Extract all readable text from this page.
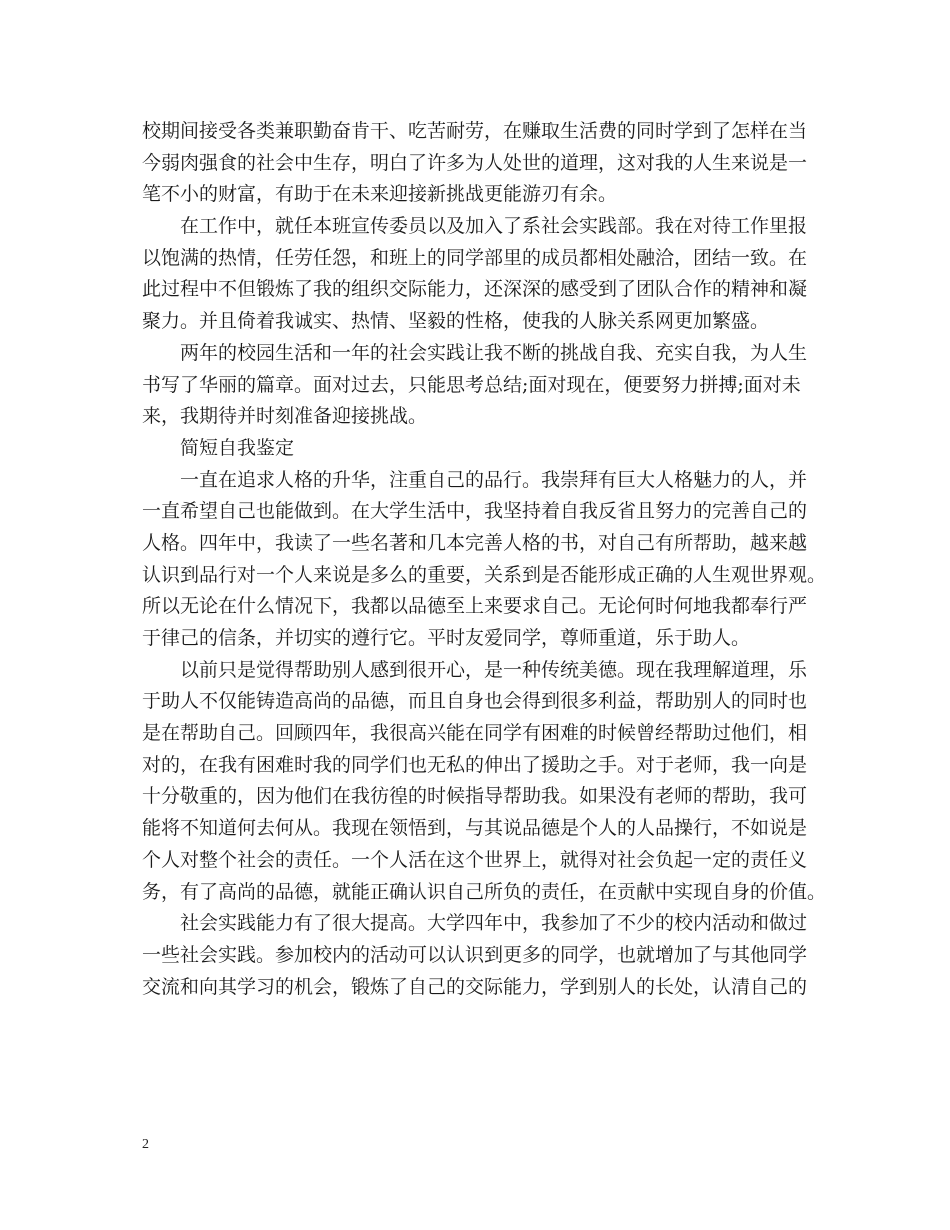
校期间接受各类兼职勤奋肯干、吃苦耐劳，在赚取生活费的同时学到了怎样在当
今弱肉强食的社会中生存，明白了许多为人处世的道理，这对我的人生来说是一
笔不小的财富，有助于在未来迎接新挑战更能游刃有余。
　　在工作中，就任本班宣传委员以及加入了系社会实践部。我在对待工作里报
以饱满的热情，任劳任怨，和班上的同学部里的成员都相处融洽，团结一致。在
此过程中不但锻炼了我的组织交际能力，还深深的感受到了团队合作的精神和凝
聚力。并且倚着我诚实、热情、坚毅的性格，使我的人脉关系网更加繁盛。
　　两年的校园生活和一年的社会实践让我不断的挑战自我、充实自我，为人生
书写了华丽的篇章。面对过去，只能思考总结;面对现在，便要努力拼搏;面对未
来，我期待并时刻准备迎接挑战。
　　简短自我鉴定
　　一直在追求人格的升华，注重自己的品行。我崇拜有巨大人格魅力的人，并
一直希望自己也能做到。在大学生活中，我坚持着自我反省且努力的完善自己的
人格。四年中，我读了一些名著和几本完善人格的书，对自己有所帮助，越来越
认识到品行对一个人来说是多么的重要，关系到是否能形成正确的人生观世界观。
所以无论在什么情况下，我都以品德至上来要求自己。无论何时何地我都奉行严
于律己的信条，并切实的遵行它。平时友爱同学，尊师重道，乐于助人。
　　以前只是觉得帮助别人感到很开心，是一种传统美德。现在我理解道理，乐
于助人不仅能铸造高尚的品德，而且自身也会得到很多利益，帮助别人的同时也
是在帮助自己。回顾四年，我很高兴能在同学有困难的时候曾经帮助过他们，相
对的，在我有困难时我的同学们也无私的伸出了援助之手。对于老师，我一向是
十分敬重的，因为他们在我彷徨的时候指导帮助我。如果没有老师的帮助，我可
能将不知道何去何从。我现在领悟到，与其说品德是个人的人品操行，不如说是
个人对整个社会的责任。一个人活在这个世界上，就得对社会负起一定的责任义
务，有了高尚的品德，就能正确认识自己所负的责任，在贡献中实现自身的价值。
　　社会实践能力有了很大提高。大学四年中，我参加了不少的校内活动和做过
一些社会实践。参加校内的活动可以认识到更多的同学，也就增加了与其他同学
交流和向其学习的机会，锻炼了自己的交际能力，学到别人的长处，认清自己的
2
